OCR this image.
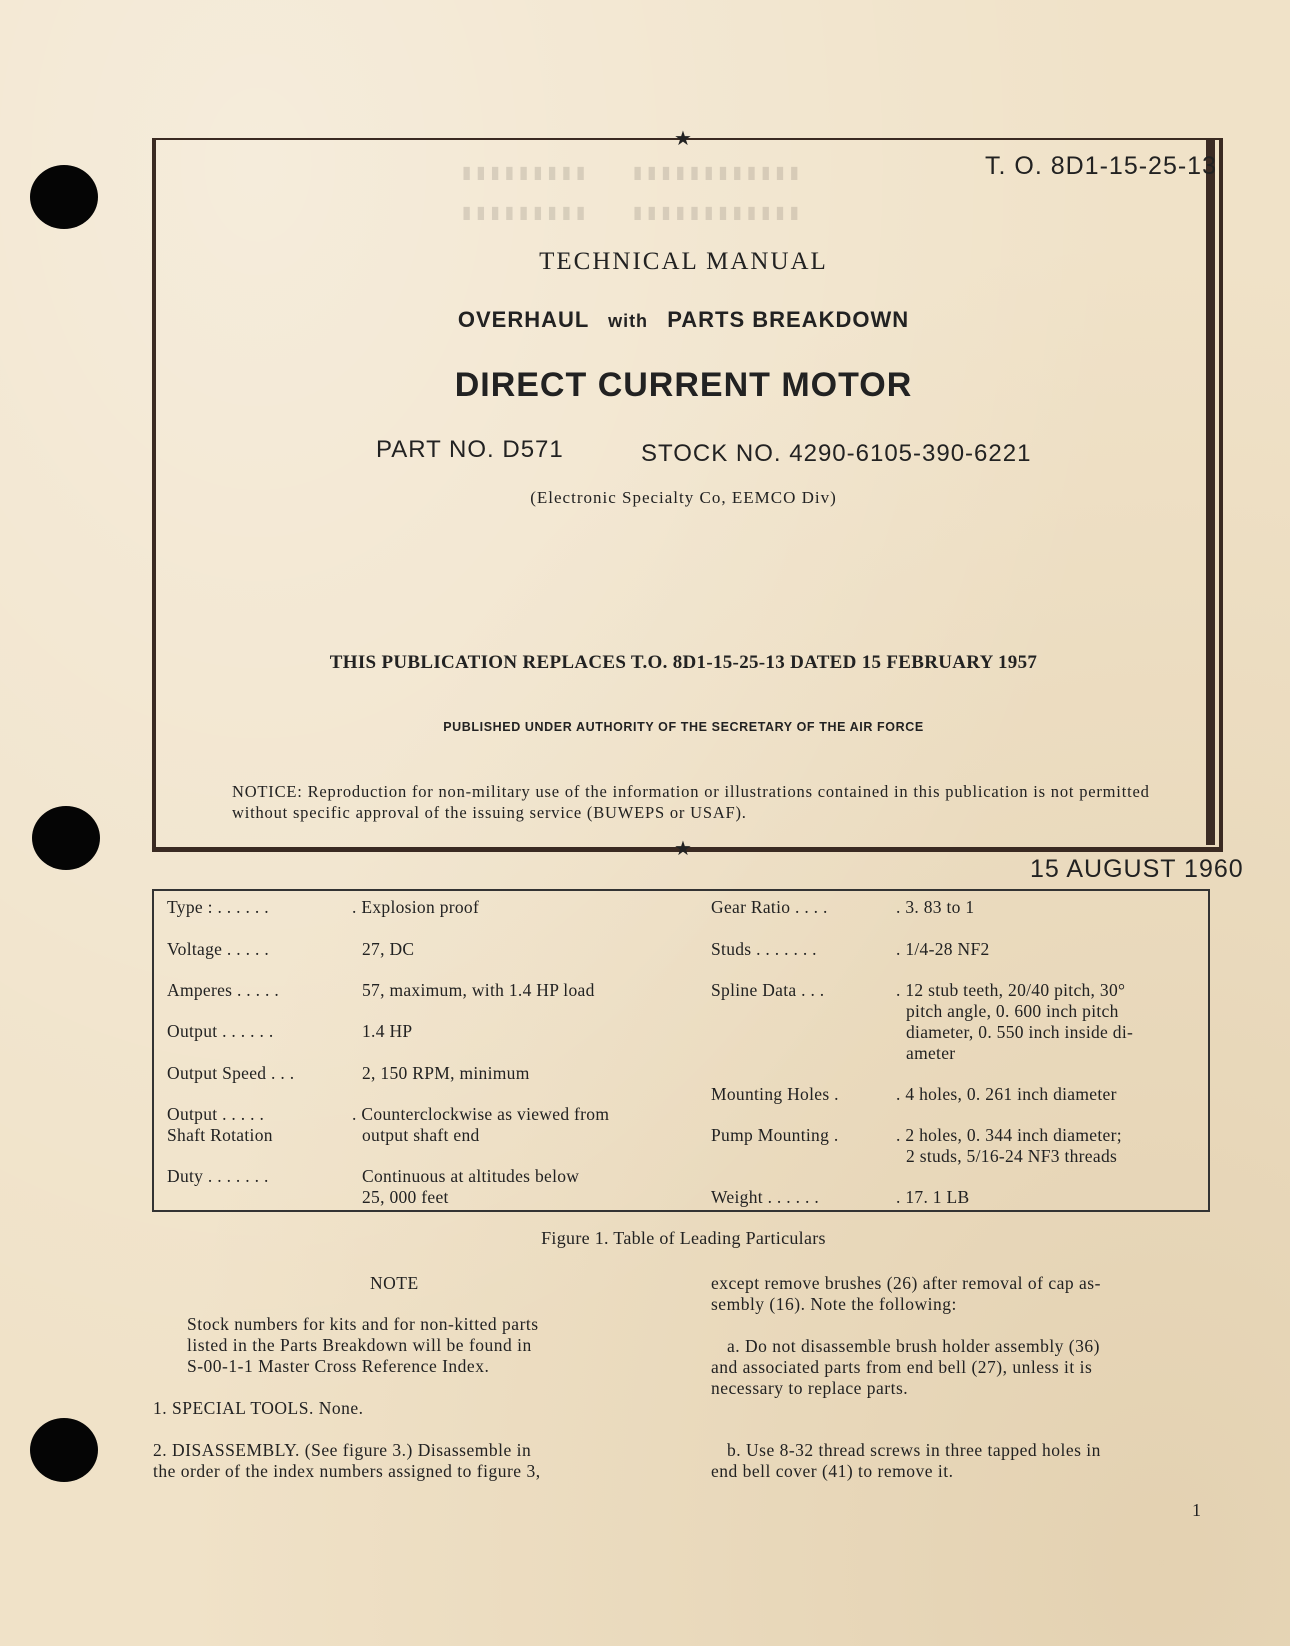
★
★
T. O. 8D1-15-25-13
▮▮▮▮▮▮▮▮▮   ▮▮▮▮▮▮▮▮▮▮▮▮
▮▮▮▮▮▮▮▮▮   ▮▮▮▮▮▮▮▮▮▮▮▮
TECHNICAL MANUAL
OVERHAUL with PARTS BREAKDOWN
DIRECT CURRENT MOTOR
PART NO. D571	STOCK NO. 4290-6105-390-6221
(Electronic Specialty Co, EEMCO Div)
THIS PUBLICATION REPLACES T.O. 8D1-15-25-13 DATED 15 FEBRUARY 1957
PUBLISHED UNDER AUTHORITY OF THE SECRETARY OF THE AIR FORCE
NOTICE: Reproduction for non-military use of the information or illustrations contained in this publication is not permitted without specific approval of the issuing service (BUWEPS or USAF).
15 AUGUST 1960
Type : . . . . . .	. Explosion proof
Voltage . . . . .	27, DC
Amperes . . . . .	57, maximum, with 1.4 HP load
Output . . . . . .	1.4 HP
Output Speed . . .	2, 150 RPM, minimum
Output . . . . .	. Counterclockwise as viewed from
Shaft Rotation	output shaft end
Duty . . . . . . .	Continuous at altitudes below
25, 000 feet
Gear Ratio . . . .	. 3. 83 to 1
Studs . . . . . . .	. 1/4-28 NF2
Spline Data . . .	. 12 stub teeth, 20/40 pitch, 30°
pitch angle, 0. 600 inch pitch
diameter, 0. 550 inch inside di-
ameter
Mounting Holes .	. 4 holes, 0. 261 inch diameter
Pump Mounting .	. 2 holes, 0. 344 inch diameter;
2 studs, 5/16-24 NF3 threads
Weight . . . . . .	. 17. 1 LB
Figure 1. Table of Leading Particulars
NOTE
Stock numbers for kits and for non-kitted parts
listed in the Parts Breakdown will be found in
S-00-1-1 Master Cross Reference Index.
1. SPECIAL TOOLS. None.
2. DISASSEMBLY. (See figure 3.) Disassemble in
the order of the index numbers assigned to figure 3,
except remove brushes (26) after removal of cap as-
sembly (16). Note the following:
a. Do not disassemble brush holder assembly (36)
and associated parts from end bell (27), unless it is
necessary to replace parts.
b. Use 8-32 thread screws in three tapped holes in
end bell cover (41) to remove it.
1
